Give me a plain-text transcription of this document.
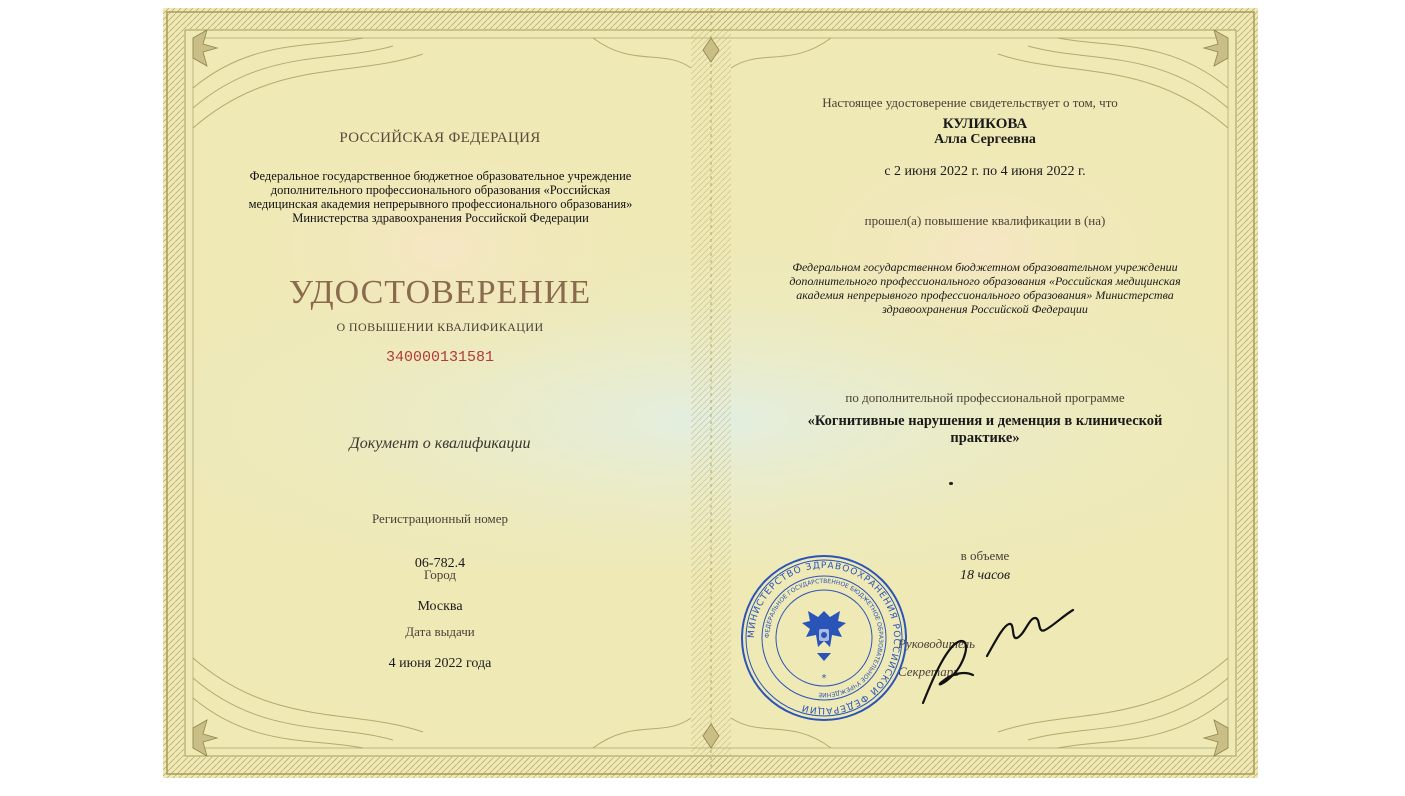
РОССИЙСКАЯ ФЕДЕРАЦИЯ

Федеральное государственное бюджетное образовательное учреждение дополнительного профессионального образования «Российская медицинская академия непрерывного профессионального образования» Министерства здравоохранения Российской Федерации

УДОСТОВЕРЕНИЕ

О ПОВЫШЕНИИ КВАЛИФИКАЦИИ

340000131581

Документ о квалификации

Регистрационный номер

06-782.4

Город

Москва

Дата выдачи

4 июня 2022 года

Настоящее удостоверение свидетельствует о том, что

КУЛИКОВА

Алла Сергеевна

с 2 июня 2022 г. по 4 июня 2022 г.

прошел(а) повышение квалификации в (на)

Федеральном государственном бюджетном образовательном учреждении дополнительного профессионального образования «Российская медицинская академия непрерывного профессионального образования» Министерства здравоохранения Российской Федерации

по дополнительной профессиональной программе

«Когнитивные нарушения и деменция в клинической практике»

в объеме

18 часов

Руководитель

Секретарь

МИНИСТЕРСТВО ЗДРАВООХРАНЕНИЯ РОССИЙСКОЙ ФЕДЕРАЦИИ
ФЕДЕРАЛЬНОЕ ГОСУДАРСТВЕННОЕ БЮДЖЕТНОЕ ОБРАЗОВАТЕЛЬНОЕ УЧРЕЖДЕНИЕ
*
